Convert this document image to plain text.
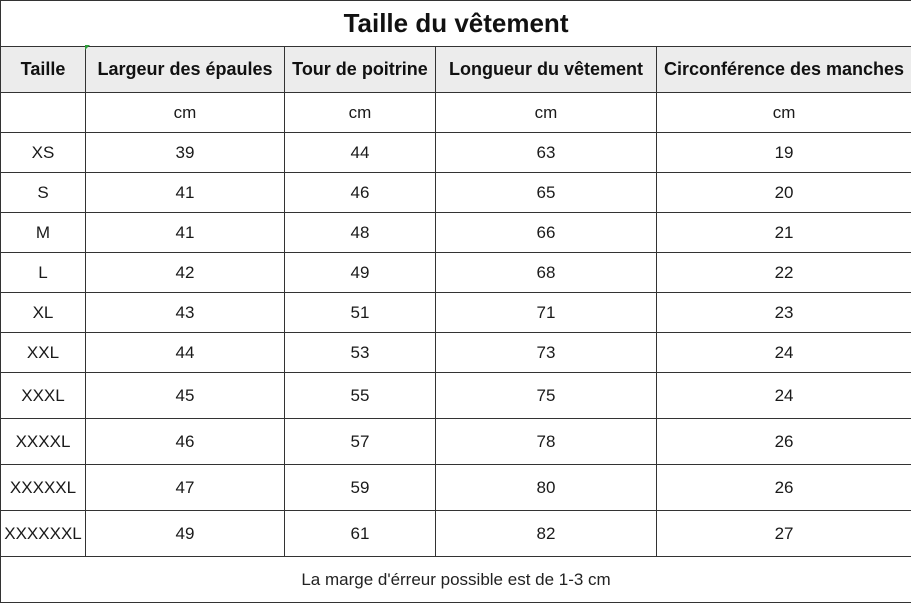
Taille du vêtement				
Taille	Largeur des épaules	Tour de poitrine	Longueur du vêtement	Circonférence des manches
	cm	cm	cm	cm
XS	39	44	63	19
S	41	46	65	20
M	41	48	66	21
L	42	49	68	22
XL	43	51	71	23
XXL	44	53	73	24
XXXL	45	55	75	24
XXXXL	46	57	78	26
XXXXXL	47	59	80	26
XXXXXXL	49	61	82	27
La marge d'érreur possible est de 1-3 cm				
